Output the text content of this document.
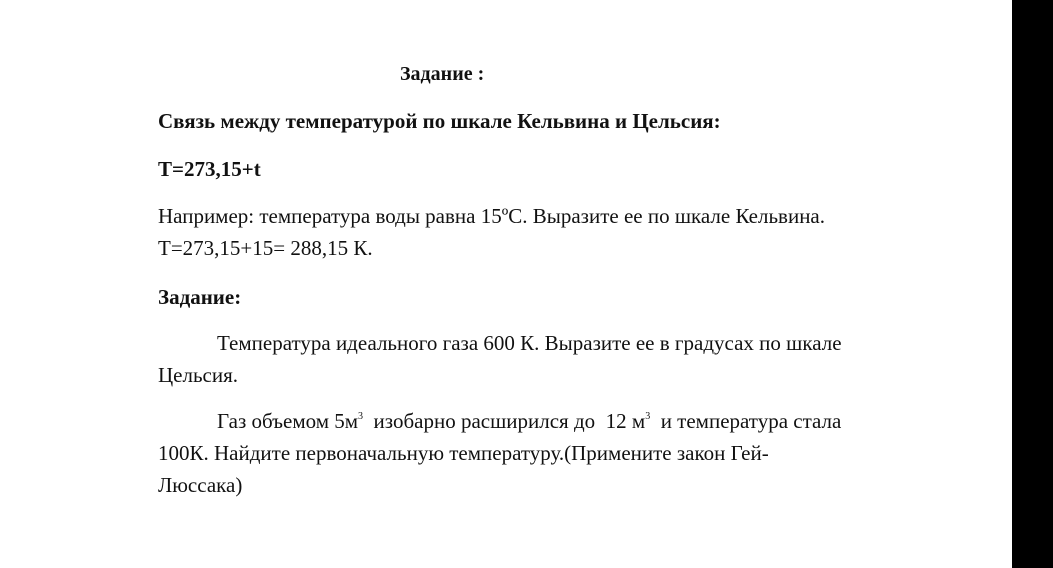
Задание :
Связь между температурой по шкале Кельвина и Цельсия:
T=273,15+t
Например: температура воды равна 15ºС. Выразите ее по шкале Кельвина.
Т=273,15+15= 288,15 К.
Задание:
Температура идеального газа 600 К. Выразите ее в градусах по шкале
Цельсия.
Газ объемом $5м^3$  изобарно расширился до  12 $м^3$  и температура стала
100К. Найдите первоначальную температуру.(Примените закон Гей-
Люссака)
